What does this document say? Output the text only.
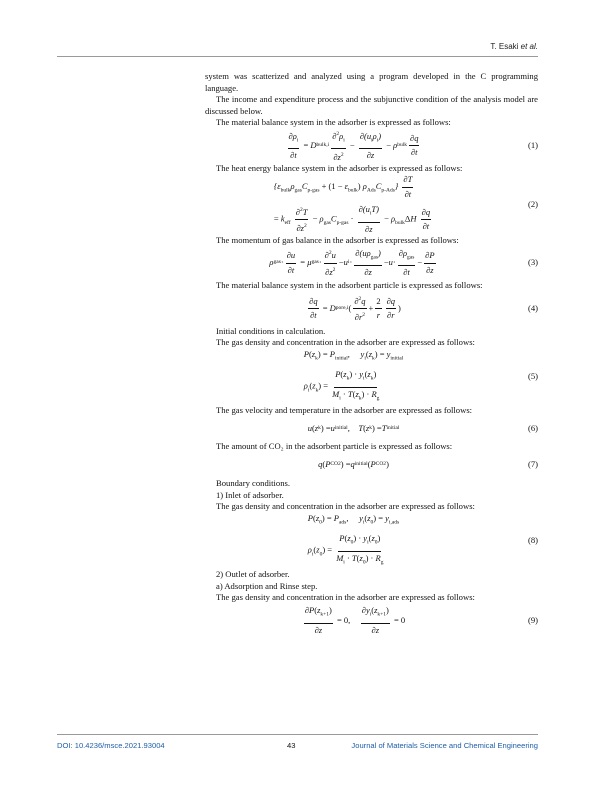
T. Esaki et al.

system was scatterized and analyzed using a program developed in the C programming language.

The income and expenditure process and the subjunctive condition of the analysis model are discussed below.

The material balance system in the adsorber is expressed as follows:

$\frac{\partial\rho_i}{\partial t} = D$ bulk,i $\frac{\partial^2\rho_i}{\partial z^2} - \frac{\partial(u_i\rho_i)}{\partial z} - \rho$ bulk $\frac{\partial q}{\partial t}$	(1)

The heat energy balance system in the adsorber is expressed as follows:

{$\varepsilon_{bulk}\rho_{gas}C_{p-gas} + (1 - \varepsilon_{bulk})$ $\rho_{Ads}C_{p-Ads}\} \frac{\partial T}{\partial t}$
= $k_{eff} \frac{\partial^2T}{\partial z^2} - \rho_{gas}C_{p-gas} \cdot \frac{\partial(u_iT)}{\partial z} - \rho_{bulk}\Delta H \frac{\partial q}{\partial t}$
(2)

The momentum of gas balance in the adsorber is expressed as follows:

ρ gas · $\frac{\partial u}{\partial t} = \mu$ gas · $\frac{\partial^2u}{\partial z^2} - u$ $i \cdot \frac{\partial(u\rho_{gas})}{\partial z} - u \cdot \frac{\partial\rho_{gas}}{\partial t} - \frac{\partial P}{\partial z}$	(3)

The material balance system in the adsorbent particle is expressed as follows:

$\frac{\partial q}{\partial t} = D$ pore,i ( $\frac{\partial^2q}{\partial r^2} + \frac{2}{r} \frac{\partial q}{\partial r}$ )	(4)

Initial conditions in calculation.

The gas density and concentration in the adsorber are expressed as follows:

$P(z_k) = P_{initial}$,     $y_i(z_k) = y_{initial}$
$\rho_i(z_k) = \frac{P(z_k) \cdot y_i(z_k)}{M_i \cdot T(z_k) \cdot R_g}$	(5)

The gas velocity and temperature in the adsorber are expressed as follows:

u ( z k ) = u initial , T ( z k ) = T initial	(6)

The amount of CO₂ in the adsorbent particle is expressed as follows:

q ( P CO2 ) = q initial ( P CO2 )	(7)

Boundary conditions.

1) Inlet of adsorber.

The gas density and concentration in the adsorber are expressed as follows:

$P(z_0) = P_{ads}$,     $y_i(z_0) = y_{i,ads}$
$\rho_i(z_0) = \frac{P(z_0) \cdot y_i(z_0)}{M_i \cdot T(z_0) \cdot R_g}$	(8)

2) Outlet of adsorber.

a) Adsorption and Rinse step.

The gas density and concentration in the adsorber are expressed as follows:

$\frac{\partial P(z_{k+1})}{\partial z} = 0$, $\frac{\partial y_i(z_{k+1})}{\partial z} = 0$	(9)
DOI: 10.4236/msce.2021.93004	43	Journal of Materials Science and Chemical Engineering
